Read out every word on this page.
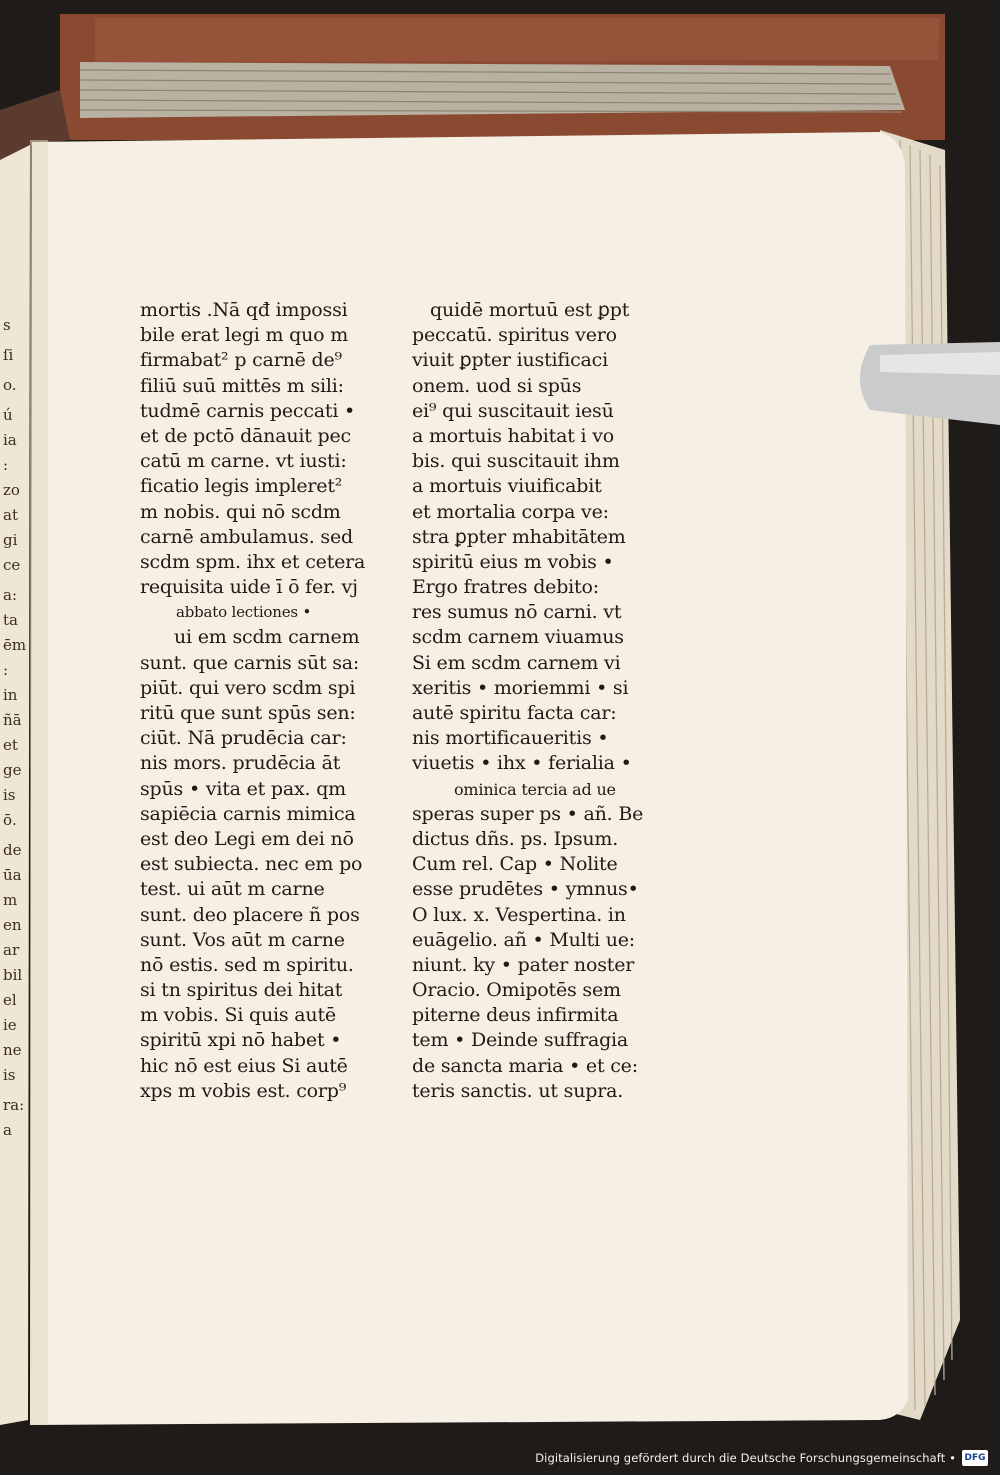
s
ſi
o.
ú
ia
:
zo
at
gi
ce
a:
ta
ēm
:
in
ñā
et
ge
is
ō.
de
ūa
m
en
ar
bil
el
ie
ne
is
ra:
a
mortis .Nā qđ impossi
bile erat legi m quo m
firmabat² p carnē de⁹
filiū suū mittēs m sili:
tudmē carnis peccati •
et de pctō dānauit pec
catū m carne. vt iusti:
ficatio legis impleret²
m nobis. qui nō scdm
carnē ambulamus. sed
scdm spm. ihx et cetera
requisita uide ī ō fer. vj
abbato lectiones •
ui em scdm carnem
sunt. que carnis sūt sa:
piūt. qui vero scdm spi
ritū que sunt spūs sen:
ciūt. Nā prudēcia car:
nis mors. prudēcia āt
spūs • vita et pax. qm
sapiēcia carnis mimica
est deo Legi em dei nō
est subiecta. nec em po
test. ui aūt m carne
sunt. deo placere ñ pos
sunt. Vos aūt m carne
nō estis. sed m spiritu.
si tn spiritus dei hitat
m vobis. Si quis autē
spiritū xpi nō habet •
hic nō est eius Si autē
xps m vobis est. corp⁹
quidē mortuū est ꝑpt
peccatū. spiritus vero
viuit ꝑpter iustificaci
onem. uod si spūs
ei⁹ qui suscitauit iesū
a mortuis habitat i vo
bis. qui suscitauit ihm
a mortuis viuificabit
et mortalia corpa ve:
stra ꝑpter mhabitātem
spiritū eius m vobis •
Ergo fratres debito:
res sumus nō carni. vt
scdm carnem viuamus
Si em scdm carnem vi
xeritis • moriemmi • si
autē spiritu facta car:
nis mortificaueritis •
viuetis • ihx • ferialia •
ominica tercia ad ue
speras super ps • añ. Be
dictus dñs. ps. Ipsum.
Cum rel. Cap • Nolite
esse prudētes • ymnus•
O lux. x. Vespertina. in
euāgelio. añ • Multi ue:
niunt. ky • pater noster
Oracio. Omipotēs sem
piterne deus infirmita
tem • Deinde suffragia
de sancta maria • et ce:
teris sanctis. ut supra.
Digitalisierung gefördert durch die Deutsche Forschungsgemeinschaft • DFG
